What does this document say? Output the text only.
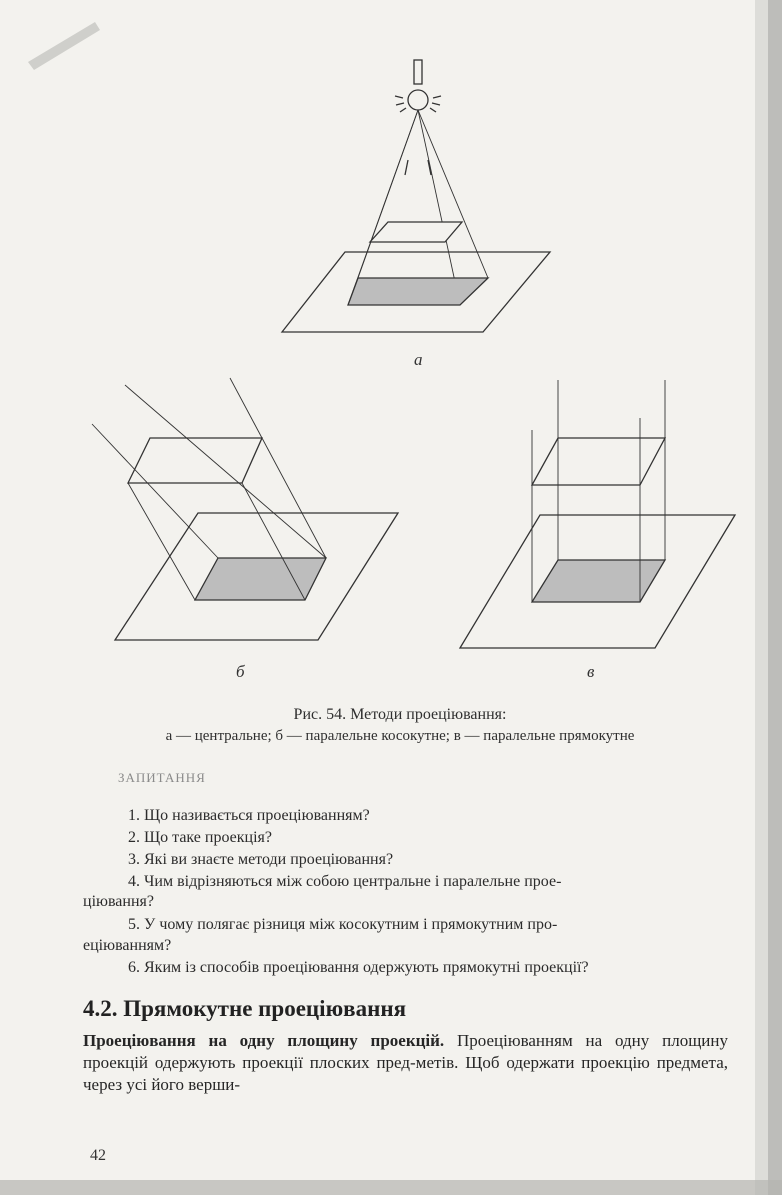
а
б	в
Рис. 54. Методи проеціювання:
а — центральне; б — паралельне косокутне; в — паралельне прямокутне
ЗАПИТАННЯ
1. Що називається проеціюванням?
2. Що таке проекція?
3. Які ви знаєте методи проеціювання?
4. Чим відрізняються між собою центральне і паралельне прое-
ціювання?
5. У чому полягає різниця між косокутним і прямокутним про-
еціюванням?
6. Яким із способів проеціювання одержують прямокутні проекції?
4.2. Прямокутне проеціювання
Проеціювання на одну площину проекцій. Проеціюванням на одну площину проекцій одержують проекції плоских пред-метів. Щоб одержати проекцію предмета, через усі його верши-
42
